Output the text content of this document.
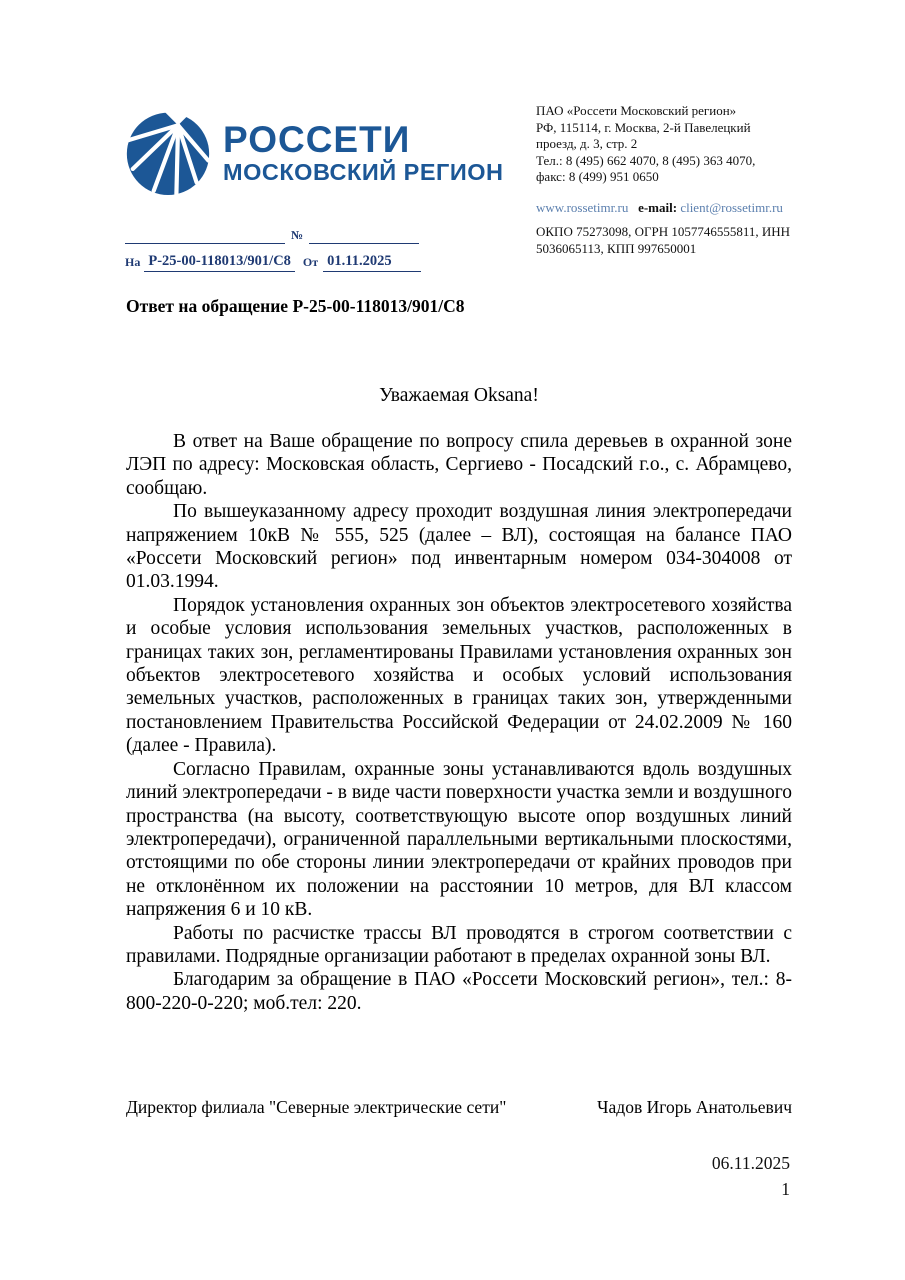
РОССЕТИ
МОСКОВСКИЙ РЕГИОН
ПАО «Россети Московский регион»
РФ, 115114, г. Москва, 2-й Павелецкий
проезд, д. 3, стр. 2
Тел.: 8 (495) 662 4070, 8 (495) 363 4070,
факс: 8 (499) 951 0650
www.rossetimr.ru e-mail: client@rossetimr.ru
ОКПО 75273098, ОГРН 1057746555811, ИНН
5036065113, КПП 997650001
№
На Р-25-00-118013/901/С8	От 01.11.2025
Ответ на обращение Р-25-00-118013/901/С8
Уважаемая Oksana!

В ответ на Ваше обращение по вопросу спила деревьев в охранной зоне ЛЭП по адресу: Московская область, Сергиево - Посадский г.о., с. Абрамцево, сообщаю.

По вышеуказанному адресу проходит воздушная линия электропередачи напряжением 10кВ № 555, 525 (далее – ВЛ), состоящая на балансе ПАО «Россети Московский регион» под инвентарным номером 034-304008 от 01.03.1994.

Порядок установления охранных зон объектов электросетевого хозяйства и особые условия использования земельных участков, расположенных в границах таких зон, регламентированы Правилами установления охранных зон объектов электросетевого хозяйства и особых условий использования земельных участков, расположенных в границах таких зон, утвержденными постановлением Правительства Российской Федерации от 24.02.2009 № 160 (далее - Правила).

Согласно Правилам, охранные зоны устанавливаются вдоль воздушных линий электропередачи - в виде части поверхности участка земли и воздушного пространства (на высоту, соответствующую высоте опор воздушных линий электропередачи), ограниченной параллельными вертикальными плоскостями, отстоящими по обе стороны линии электропередачи от крайних проводов при не отклонённом их положении на расстоянии 10 метров, для ВЛ классом напряжения 6 и 10 кВ.

Работы по расчистке трассы ВЛ проводятся в строгом соответствии с правилами. Подрядные организации работают в пределах охранной зоны ВЛ.

Благодарим за обращение в ПАО «Россети Московский регион», тел.: 8-800-220-0-220; моб.тел: 220.

Директор филиала "Северные электрические сети"	Чадов Игорь Анатольевич
06.11.2025
1
